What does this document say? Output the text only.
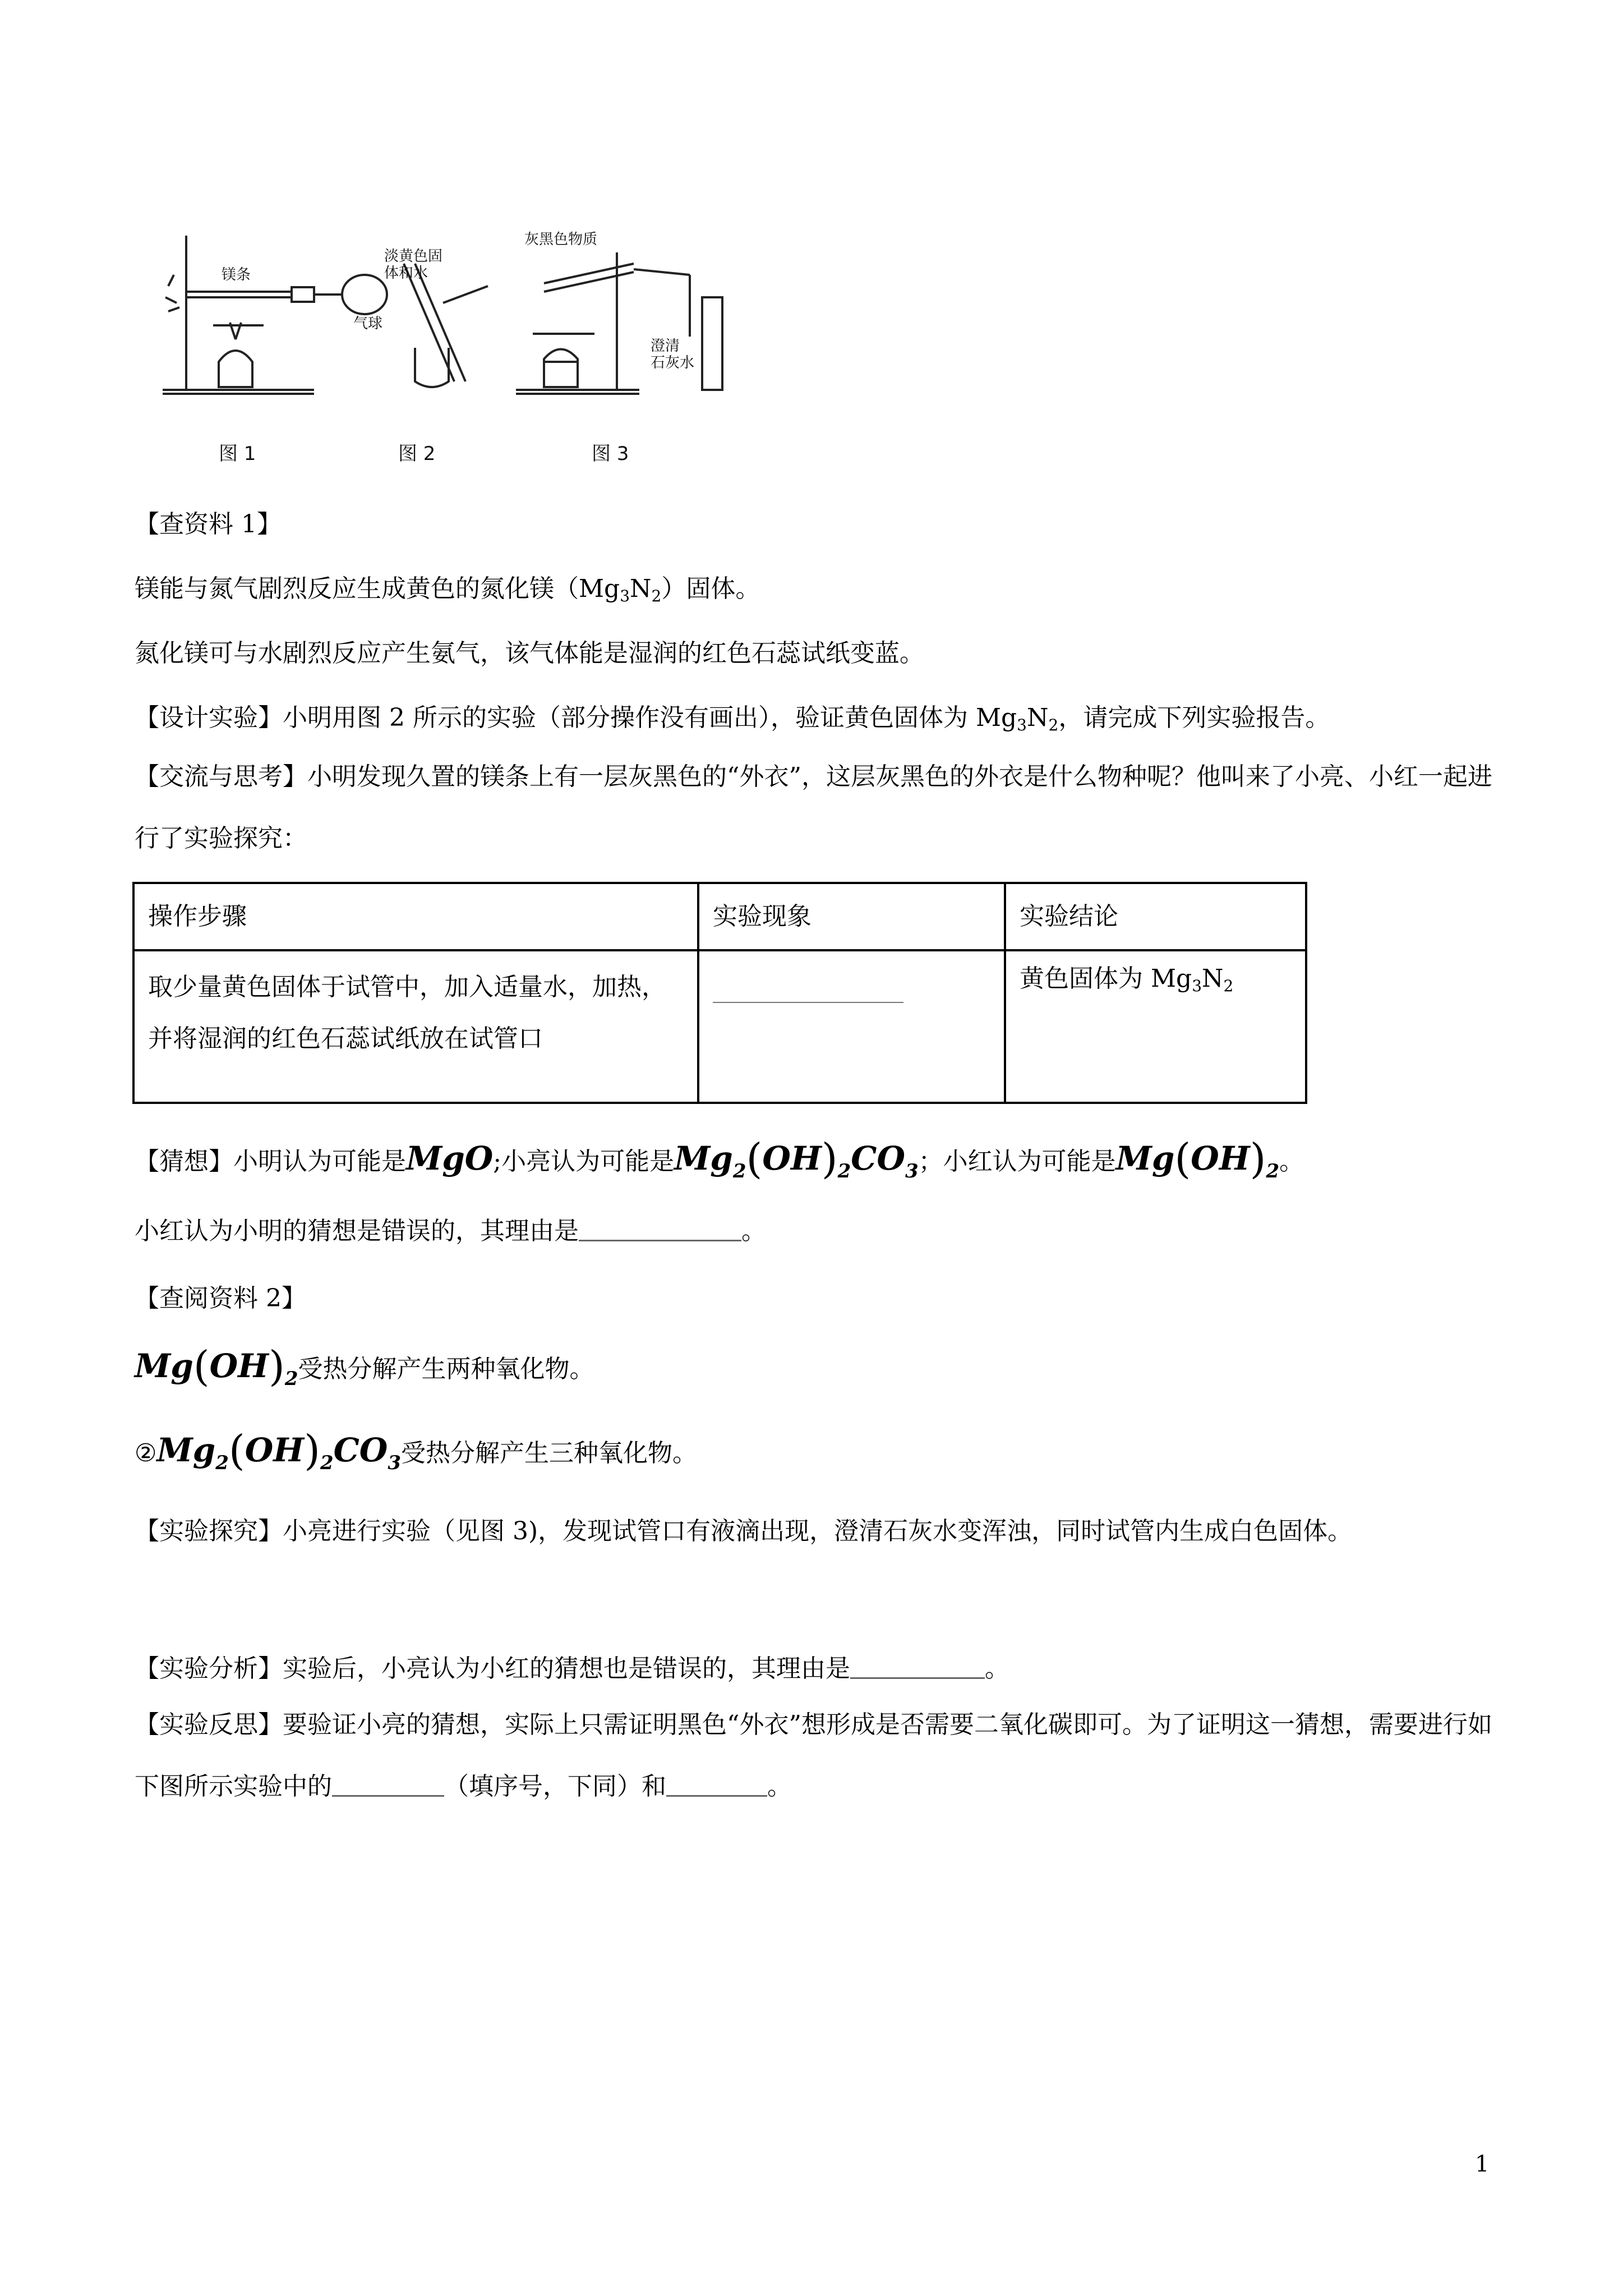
镁条
气球
淡黄色固
体和水
灰黑色物质
澄清
石灰水
图 1	图 2	图 3
【查资料 1】
镁能与氮气剧烈反应生成黄色的氮化镁$(Mg_3N_2)$固体。
氮化镁可与水剧烈反应产生氨气，该气体能是湿润的红色石蕊试纸变蓝。
【设计实验】小明用图 2 所示的实验（部分操作没有画出），验证黄色固体为 $Mg_3N_2$，请完成下列实验报告。
【交流与思考】小明发现久置的镁条上有一层灰黑色的“外衣”，这层灰黑色的外衣是什么物种呢？他叫来了小亮、小红一起进行了实验探究：
操作步骤	实验现象	实验结论
取少量黄色固体于试管中，加入适量水，加热，并将湿润的红色石蕊试纸放在试管口		黄色固体为 $Mg_3N_2$
【猜想】小明认为可能是MgO;小亮认为可能是$Mg_2(OH)_2CO_3$；小红认为可能是$Mg(OH)_2$。
小红认为小明的猜想是错误的，其理由是	。
【查阅资料 2】
$Mg(OH)_2$受热分解产生两种氧化物。
$②Mg_2(OH)_2CO_3$受热分解产生三种氧化物。
【实验探究】小亮进行实验（见图 3)，发现试管口有液滴出现，澄清石灰水变浑浊，同时试管内生成白色固体。
【实验分析】实验后，小亮认为小红的猜想也是错误的，其理由是	。
【实验反思】要验证小亮的猜想，实际上只需证明黑色“外衣”想形成是否需要二氧化碳即可。为了证明这一猜想，需要进行如下图所示实验中的	（填序号，下同）和	。
1
